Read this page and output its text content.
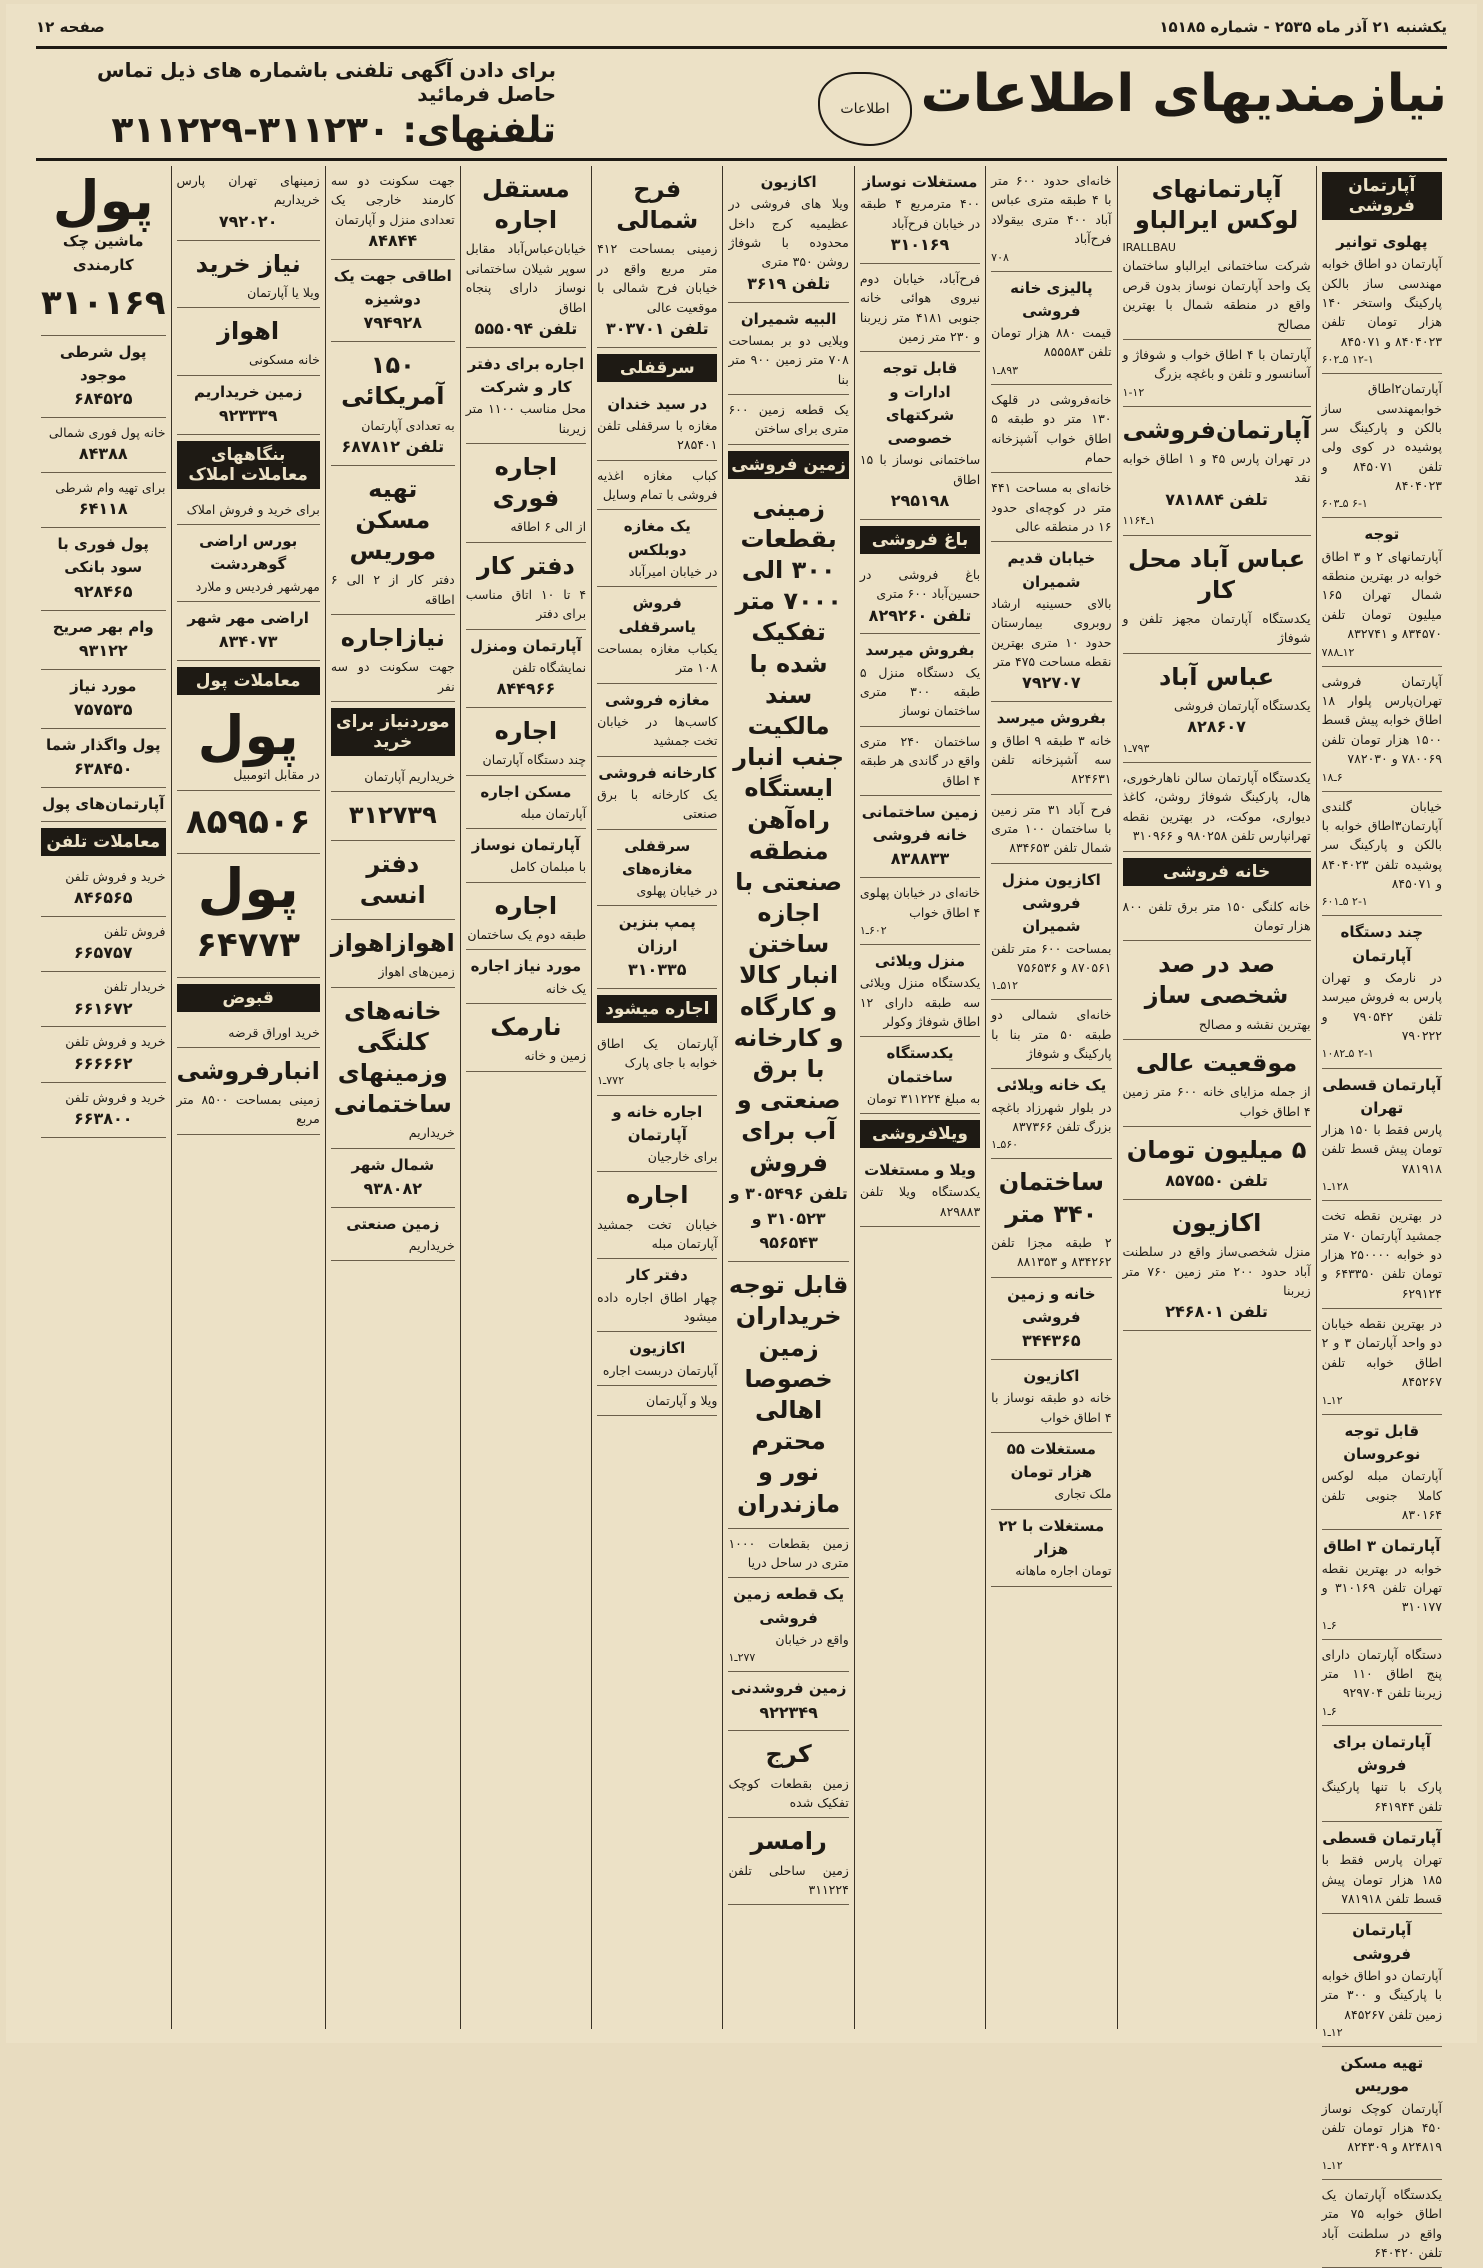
یکشنبه ۲۱ آذر ماه ۲۵۳۵ - شماره ۱۵۱۸۵
صفحه ۱۲
نیازمندیهای اطلاعات
اطلاعات
برای دادن آگهی تلفنی باشماره های ذیل تماس حاصل فرمائید
تلفنهای: ۳۱۱۲۳۰-۳۱۱۲۲۹
آپارتمان فروشی
پهلوی توانیر
آپارتمان دو اطاق خوابه مهندسی ساز بالکن پارکینگ واستخر ۱۴۰ هزار تومان تلفن ۸۴۰۴۰۲۳ و ۸۴۵۰۷۱
۱۲-۱ ۵ـ۶۰۲
آپارتمان۲اطاق خوابمهندسی ساز بالکن و پارکینگ سر پوشیده در کوی ولی تلفن ۸۴۵۰۷۱ و ۸۴۰۴۰۲۳
۶-۱ ۵ـ۶۰۳
توجه
آپارتمانهای ۲ و ۳ اطاق خوابه در بهترین منطقه شمال تهران ۱۶۵ میلیون تومان تلفن ۸۳۴۵۷۰ و ۸۳۲۷۴۱
۱۲ـ۷۸۸
آپارتمان فروشی تهران‌پارس پلوار ۱۸ اطاق خوابه پیش قسط ۱۵۰۰ هزار تومان تلفن ۷۸۰۰۶۹ و ۷۸۲۰۳۰
۶ـ۱۸
خیابان گلندی آپارتمان۳اطاق خوابه با بالکن و پارکینگ سر پوشیده تلفن ۸۴۰۴۰۲۳ و ۸۴۵۰۷۱
۲-۱ ۵ـ۶۰۱
چند دستگاه آپارتمان
در نارمک و تهران پارس به فروش میرسد تلفن ۷۹۰۵۴۲ و ۷۹۰۲۲۲
۲-۱ ۵ـ۱۰۸۲
آپارتمان قسطی تهران
پارس فقط با ۱۵۰ هزار تومان پیش قسط تلفن ۷۸۱۹۱۸
۱۲۸ـ۱
در بهترین نقطه تخت جمشید آپارتمان ۷۰ متر دو خوابه ۲۵۰۰۰۰ هزار تومان تلفن ۶۴۳۳۵۰ و ۶۲۹۱۲۴
در بهترین نقطه خیابان دو واحد آپارتمان ۳ و ۲ اطاق خوابه تلفن ۸۴۵۲۶۷
۱۲ـ۱
قابل توجه نوعروسان
آپارتمان مبله لوکس کاملا جنوبی تلفن ۸۳۰۱۶۴
آپارتمان ۳ اطاق
خوابه در بهترین نقطه تهران تلفن ۳۱۰۱۶۹ و ۳۱۰۱۷۷
۶ـ۱
دستگاه آپارتمان دارای پنج اطاق ۱۱۰ متر زیربنا تلفن ۹۲۹۷۰۴
۶ـ۱
آپارتمان برای فروش
پارک با تنها پارکینگ تلفن ۶۴۱۹۴۴
آپارتمان قسطی
تهران پارس فقط با ۱۸۵ هزار تومان پیش قسط تلفن ۷۸۱۹۱۸
آپارتمان فروشی
آپارتمان دو اطاق خوابه با پارکینگ و ۳۰۰ متر زمین تلفن ۸۴۵۲۶۷
۱۲ـ۱
تهیه مسکن موریس
آپارتمان کوچک نوساز ۴۵۰ هزار تومان تلفن ۸۲۴۸۱۹ و ۸۲۴۳۰۹
۱۲ـ۱
یکدستگاه آپارتمان یک اطاق خوابه ۷۵ متر واقع در سلطنت آباد تلفن ۶۴۰۴۲۰
آپارتمانهای لوکس ایرالباو
IRALLBAU
شرکت ساختمانی ایرالباو ساختمان یک واحد آپارتمان نوساز بدون قرص واقع در منطقه شمال با بهترین مصالح
آپارتمان با ۴ اطاق خواب و شوفاژ و آسانسور و تلفن و باغچه بزرگ
۱-۱۲
آپارتمان‌فروشی
در تهران پارس ۴۵ و ۱ اطاق خوابه نقد
تلفن ۷۸۱۸۸۴
۱ـ۱۱۶۴
عباس آباد محل کار
یکدستگاه آپارتمان مجهز تلفن و شوفاژ
عباس آباد
یکدستگاه آپارتمان فروشی
۸۲۸۶۰۷
۷۹۳ـ۱
یکدستگاه آپارتمان سالن ناهارخوری، هال، پارکینگ شوفاژ روشن، کاغذ دیواری، موکت، در بهترین نقطه تهرانپارس تلفن ۹۸۰۲۵۸ و ۳۱۰۹۶۶
خانه فروشی
خانه کلنگی ۱۵۰ متر برق تلفن ۸۰۰ هزار تومان
صد در صد شخصی ساز
بهترین نقشه و مصالح
موقعیت عالی
از جمله مزایای خانه ۶۰۰ متر زمین ۴ اطاق خواب
۵ میلیون تومان
تلفن ۸۵۷۵۵۰
اکازیون
منزل شخصی‌ساز واقع در سلطنت آباد حدود ۲۰۰ متر زمین ۷۶۰ متر زیربنا
تلفن ۲۴۶۸۰۱
خانه‌ای حدود ۶۰۰ متر با ۴ طبقه متری عباس آباد ۴۰۰ متری بیقولاد فرح‌آباد
۷۰۸
پالیزی خانه فروشی
قیمت ۸۸۰ هزار تومان تلفن ۸۵۵۵۸۳
۸۹۳ـ۱
خانه‌فروشی در قلهک ۱۳۰ متر دو طبقه ۵ اطاق خواب آشپزخانه حمام
خانه‌ای به مساحت ۴۴۱ متر در کوچه‌ای حدود ۱۶ در منطقه عالی
خیابان قدیم شمیران
بالای حسینیه ارشاد روبروی بیمارستان حدود ۱۰ متری بهترین نقطه مساحت ۴۷۵ متر
۷۹۲۷۰۷
بفروش میرسد
خانه ۳ طبقه ۹ اطاق و سه آشپزخانه تلفن ۸۲۴۶۳۱
فرح آباد ۳۱ متر زمین با ساختمان ۱۰۰ متری شمال تلفن ۸۳۴۶۵۳
اکازیون منزل فروشی شمیران
بمساحت ۶۰۰ متر تلفن ۸۷۰۵۶۱ و ۷۵۶۵۳۶
۵۱۲ـ۱
خانه‌ای شمالی دو طبقه ۵۰ متر بنا با پارکینگ و شوفاژ
یک خانه ویلائی
در بلوار شهرزاد باغچه بزرگ تلفن ۸۳۷۳۶۶
۵۶۰ـ۱
ساختمان ۳۴۰ متر
۲ طبقه مجزا تلفن ۸۳۴۲۶۲ و ۸۸۱۳۵۳
خانه و زمین فروشی
۳۴۴۳۶۵
اکازیون
خانه دو طبقه نوساز با ۴ اطاق خواب
مستغلات ۵۵ هزار تومان
ملک تجاری
مستغلات با ۲۲ هزار
تومان اجاره ماهانه
مستغلات نوساز
۴۰۰ مترمربع ۴ طبقه در خیابان فرح‌آباد
۳۱۰۱۶۹
فرح‌آباد، خیابان دوم نیروی هوائی خانه جنوبی ۴۱۸۱ متر زیربنا و ۲۳۰ متر زمین
قابل توجه ادارات و شرکتهای خصوصی
ساختمانی نوساز با ۱۵ اطاق
۲۹۵۱۹۸
باغ فروشی
باغ فروشی در حسین‌آباد ۶۰۰ متری
تلفن ۸۲۹۲۶۰
بفروش میرسد
یک دستگاه منزل ۵ طبقه ۳۰۰ متری ساختمان نوساز
ساختمان ۲۴۰ متری واقع در گاندی هر طبقه ۴ اطاق
زمین ساختمانی خانه فروشی
۸۳۸۸۳۳
خانه‌ای در خیابان پهلوی ۴ اطاق خواب
۶۰۲ـ۱
منزل ویلائی
یکدستگاه منزل ویلائی سه طبقه دارای ۱۲ اطاق شوفاژ وکولر
یکدستگاه ساختمان
به مبلغ ۳۱۱۲۲۴ تومان
ویلافروشی
ویلا و مستغلات
یکدستگاه ویلا تلفن ۸۲۹۸۸۳
اکازیون
ویلا های فروشی در عظیمیه کرج داخل محدوده با شوفاژ روشن ۳۵۰ متری
تلفن ۳۶۱۹
البیه شمیران
ویلایی دو بر بمساحت ۷۰۸ متر زمین ۹۰۰ متر بنا
یک قطعه زمین ۶۰۰ متری برای ساختن
زمین فروشی
زمینی بقطعات ۳۰۰ الی ۷۰۰۰ متر تفکیک شده با سند مالکیت جنب انبار ایستگاه راه‌آهن منطقه صنعتی با اجازه ساختن انبار کالا و کارگاه و کارخانه با برق صنعتی و آب برای فروش
تلفن ۳۰۵۴۹۶ و ۳۱۰۵۲۳ و ۹۵۶۵۴۳
قابل توجه خریداران زمین خصوصا اهالی محترم نور و مازندران
زمین بقطعات ۱۰۰۰ متری در ساحل دریا
یک قطعه زمین فروشی
واقع در خیابان
۲۷۷ـ۱
زمین فروشدنی
۹۲۲۳۴۹
کرج
زمین بقطعات کوچک تفکیک شده
رامسر
زمین ساحلی تلفن ۳۱۱۲۲۴
فرح شمالی
زمینی بمساحت ۴۱۲ متر مربع واقع در خیابان فرح شمالی با موقعیت عالی
تلفن ۳۰۳۷۰۱
سرقفلی
در سید خندان
مغازه با سرقفلی تلفن ۲۸۵۴۰۱
کباب مغازه اغذیه فروشی با تمام وسایل
یک مغازه دوبلکس
در خیابان امیرآباد
فروش یاسرقفلی
یکباب مغازه بمساحت ۱۰۸ متر
مغازه فروشی
کاسب‌ها در خیابان تخت جمشید
کارخانه فروشی
یک کارخانه با برق صنعتی
سرقفلی مغازه‌های
در خیابان پهلوی
پمپ بنزین ارزان
۳۱۰۳۳۵
اجاره میشود
آپارتمان یک اطاق خوابه با جای پارک
۷۷۲ـ۱
اجاره خانه و آپارتمان
برای خارجیان
اجاره
خیابان تخت جمشید آپارتمان مبله
دفتر کار
چهار اطاق اجاره داده میشود
اکازیون
آپارتمان دربست اجاره
ویلا و آپارتمان
مستقل اجاره
خیابان‌عباس‌آباد مقابل سوپر شیلان ساختمانی نوساز دارای پنجاه اطاق
تلفن ۵۵۵۰۹۴
اجاره برای دفتر کار و شرکت
محل مناسب ۱۱۰۰ متر زیربنا
اجاره فوری
از الی ۶ اطاقه
دفتر کار
۴ تا ۱۰ اتاق مناسب برای دفتر
آپارتمان ومنزل
نمایشگاه تلفن
۸۴۴۹۶۶
اجاره
چند دستگاه آپارتمان
مسکن اجاره
آپارتمان مبله
آپارتمان نوساز
با مبلمان کامل
اجاره
طبقه دوم یک ساختمان
مورد نیاز اجاره
یک خانه
نارمک
زمین و خانه
جهت سکونت دو سه کارمند خارجی یک تعدادی منزل و آپارتمان
۸۴۸۴۴
اطاقی جهت یک دوشیزه
۷۹۴۹۲۸
۱۵۰ آمریکائی
به تعدادی آپارتمان
تلفن ۶۸۷۸۱۲
تهیه مسکن موریس
دفتر کار از ۲ الی ۶ اطاقه
نیازاجاره
جهت سکونت دو سه نفر
موردنیاز برای خرید
خریداریم آپارتمان
۳۱۲۷۳۹
دفتر انسی
اهوازاهواز
زمین‌های اهواز
خانه‌های کلنگی وزمینهای ساختمانی
خریداریم
شمال شهر
۹۳۸۰۸۲
زمین صنعتی
خریداریم
زمینهای تهران پارس خریداریم
۷۹۲۰۲۰
نیاز خرید
ویلا یا آپارتمان
اهواز
خانه مسکونی
زمین خریداریم
۹۲۳۳۳۹
بنگاههای معاملات املاک
برای خرید و فروش املاک
بورس اراضی گوهردشت
مهرشهر فردیس و ملارد
اراضی مهر شهر
۸۳۴۰۷۳
معاملات پول
پول
در مقابل اتومبیل
۸۵۹۵۰۶
پول
۶۴۷۷۳
قبوض
خرید اوراق قرضه
انبارفروشی
زمینی بمساحت ۸۵۰۰ متر مربع
پول
ماشین چک کارمندی
۳۱۰۱۶۹
پول شرطی موجود
۶۸۴۵۲۵
خانه پول فوری شمالی
۸۴۳۸۸
برای تهیه وام شرطی
۶۴۱۱۸
پول فوری با سود بانکی
۹۲۸۴۶۵
وام بهر صریح
۹۳۱۲۲
مورد نیاز
۷۵۷۵۳۵
پول واگذار شما
۶۳۸۴۵۰
آپارتمان‌های پول
معاملات تلفن
خرید و فروش تلفن
۸۴۶۵۶۵
فروش تلفن
۶۶۵۷۵۷
خریدار تلفن
۶۶۱۶۷۲
خرید و فروش تلفن
۶۶۶۶۶۲
خرید و فروش تلفن
۶۶۳۸۰۰
